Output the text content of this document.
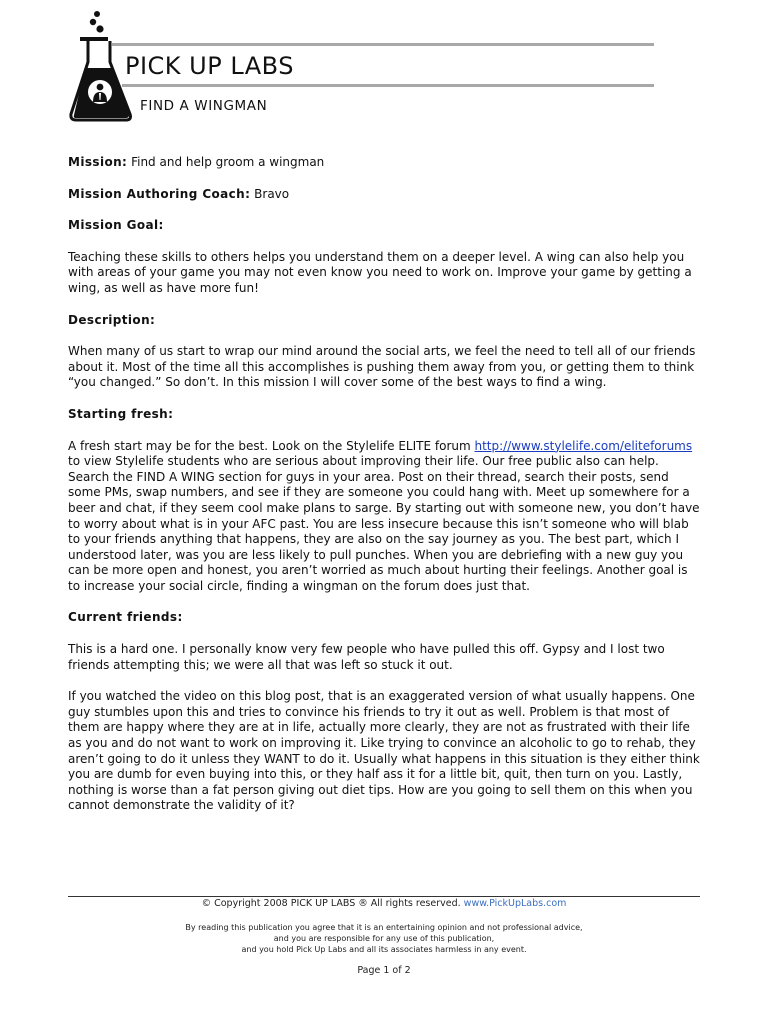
PICK UP LABS
FIND A WINGMAN

Mission: Find and help groom a wingman

Mission Authoring Coach: Bravo

Mission Goal:

Teaching these skills to others helps you understand them on a deeper level. A wing can also help you with areas of your game you may not even know you need to work on. Improve your game by getting a wing, as well as have more fun!

Description:

When many of us start to wrap our mind around the social arts, we feel the need to tell all of our friends about it. Most of the time all this accomplishes is pushing them away from you, or getting them to think “you changed.” So don’t. In this mission I will cover some of the best ways to find a wing.

Starting fresh:

A fresh start may be for the best. Look on the Stylelife ELITE forum http://www.stylelife.com/eliteforums to view Stylelife students who are serious about improving their life. Our free public also can help. Search the FIND A WING section for guys in your area. Post on their thread, search their posts, send some PMs, swap numbers, and see if they are someone you could hang with. Meet up somewhere for a beer and chat, if they seem cool make plans to sarge. By starting out with someone new, you don’t have to worry about what is in your AFC past. You are less insecure because this isn’t someone who will blab to your friends anything that happens, they are also on the say journey as you. The best part, which I understood later, was you are less likely to pull punches. When you are debriefing with a new guy you can be more open and honest, you aren’t worried as much about hurting their feelings. Another goal is to increase your social circle, finding a wingman on the forum does just that.

Current friends:

This is a hard one. I personally know very few people who have pulled this off. Gypsy and I lost two friends attempting this; we were all that was left so stuck it out.

If you watched the video on this blog post, that is an exaggerated version of what usually happens. One guy stumbles upon this and tries to convince his friends to try it out as well. Problem is that most of them are happy where they are at in life, actually more clearly, they are not as frustrated with their life as you and do not want to work on improving it. Like trying to convince an alcoholic to go to rehab, they aren’t going to do it unless they WANT to do it. Usually what happens in this situation is they either think you are dumb for even buying into this, or they half ass it for a little bit, quit, then turn on you. Lastly, nothing is worse than a fat person giving out diet tips. How are you going to sell them on this when you cannot demonstrate the validity of it?

© Copyright 2008 PICK UP LABS ® All rights reserved. www.PickUpLabs.com
By reading this publication you agree that it is an entertaining opinion and not professional advice,
and you are responsible for any use of this publication,
and you hold Pick Up Labs and all its associates harmless in any event.
Page 1 of 2
